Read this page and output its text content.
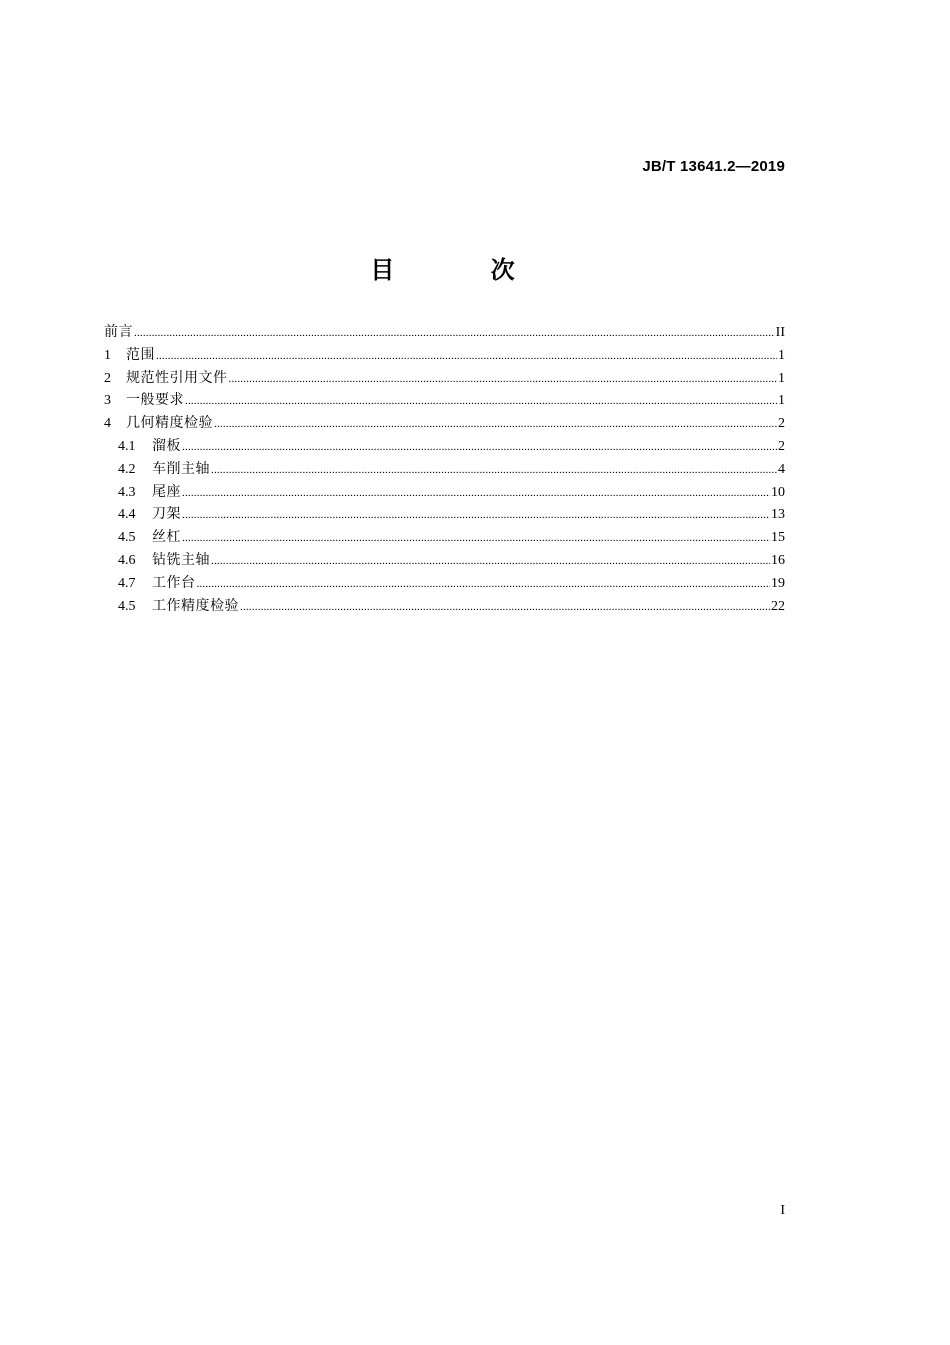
JB/T 13641.2—2019
目 次
前言 .....	II
1	范围 .....	1
2	规范性引用文件 .....	1
3	一般要求 .....	1
4	几何精度检验 .....	2
4.1	溜板 .....	2
4.2	车削主轴 .....	4
4.3	尾座 .....	10
4.4	刀架 .....	13
4.5	丝杠 .....	15
4.6	钻铣主轴 .....	16
4.7	工作台 .....	19
4.5	工作精度检验 .....	22
I
